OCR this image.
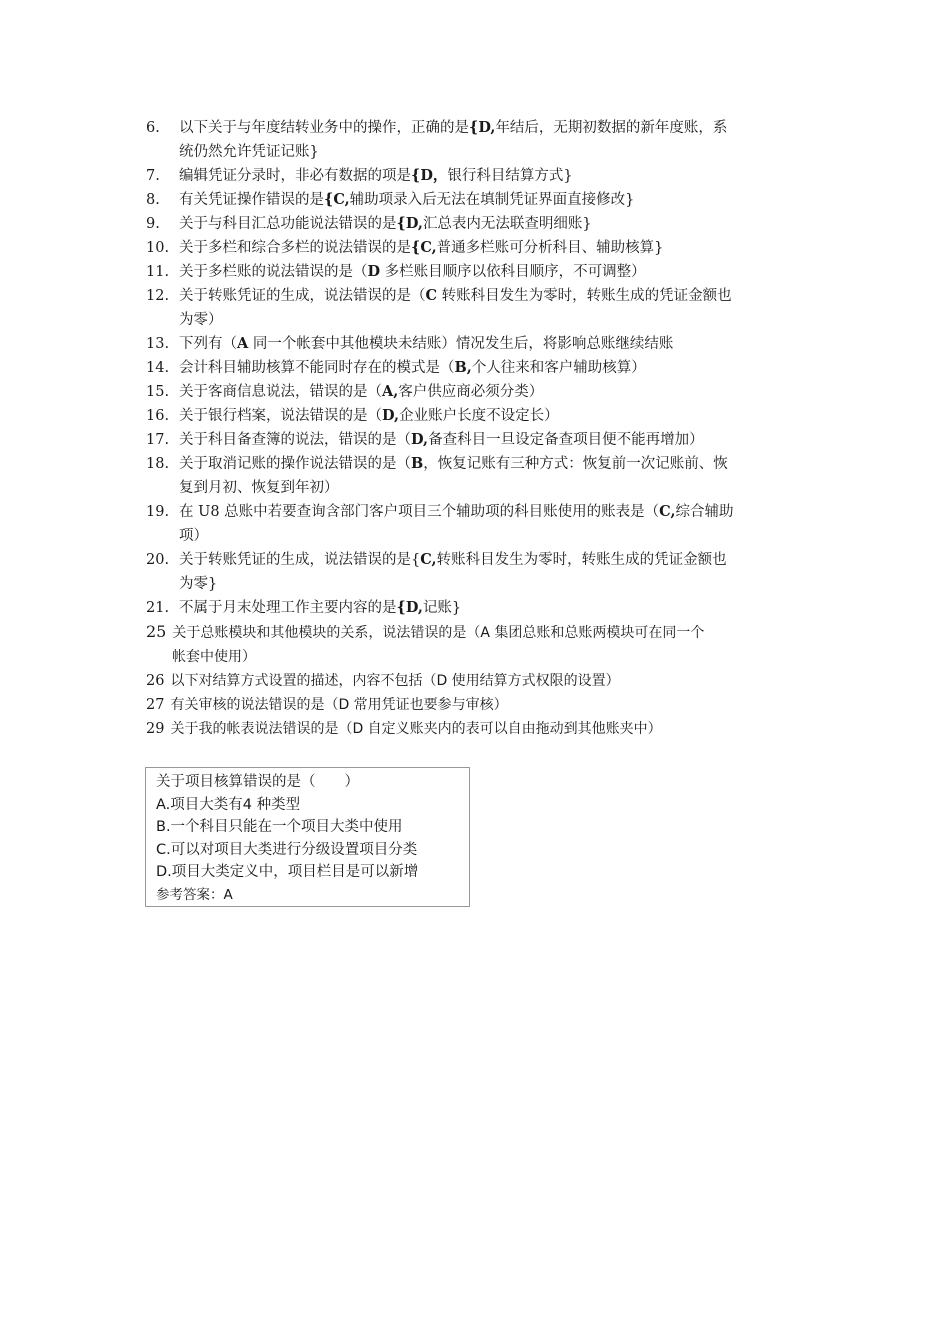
6.	以下关于与年度结转业务中的操作，正确的是{D,年结后，无期初数据的新年度账，系
统仍然允许凭证记账}
7.	编辑凭证分录时，非必有数据的项是{D，银行科目结算方式}
8.	有关凭证操作错误的是{C,辅助项录入后无法在填制凭证界面直接修改}
9.	关于与科目汇总功能说法错误的是{D,汇总表内无法联查明细账}
10. 关于多栏和综合多栏的说法错误的是{C,普通多栏账可分析科目、辅助核算}
11. 关于多栏账的说法错误的是（D 多栏账目顺序以依科目顺序，不可调整）
12. 关于转账凭证的生成，说法错误的是（C 转账科目发生为零时，转账生成的凭证金额也
为零）
13. 下列有（A 同一个帐套中其他模块未结账）情况发生后，将影响总账继续结账
14. 会计科目辅助核算不能同时存在的模式是（B,个人往来和客户辅助核算）
15. 关于客商信息说法，错误的是（A,客户供应商必须分类）
16. 关于银行档案，说法错误的是（D,企业账户长度不设定长）
17. 关于科目备查簿的说法，错误的是（D,备查科目一旦设定备查项目便不能再增加）
18. 关于取消记账的操作说法错误的是（B，恢复记账有三种方式：恢复前一次记账前、恢
复到月初、恢复到年初）
19. 在 U8 总账中若要查询含部门客户项目三个辅助项的科目账使用的账表是（C,综合辅助
项）
20. 关于转账凭证的生成，说法错误的是{C,转账科目发生为零时，转账生成的凭证金额也
为零}
21. 不属于月末处理工作主要内容的是{D,记账}
25 关于总账模块和其他模块的关系，说法错误的是（A 集团总账和总账两模块可在同一个
帐套中使用）
26 以下对结算方式设置的描述，内容不包括（D 使用结算方式权限的设置）
27 有关审核的说法错误的是（D 常用凭证也要参与审核）
29 关于我的帐表说法错误的是（D 自定义账夹内的表可以自由拖动到其他账夹中）
关于项目核算错误的是（　　）
A.项目大类有4 种类型
B.一个科目只能在一个项目大类中使用
C.可以对项目大类进行分级设置项目分类
D.项目大类定义中，项目栏目是可以新增
参考答案：A
